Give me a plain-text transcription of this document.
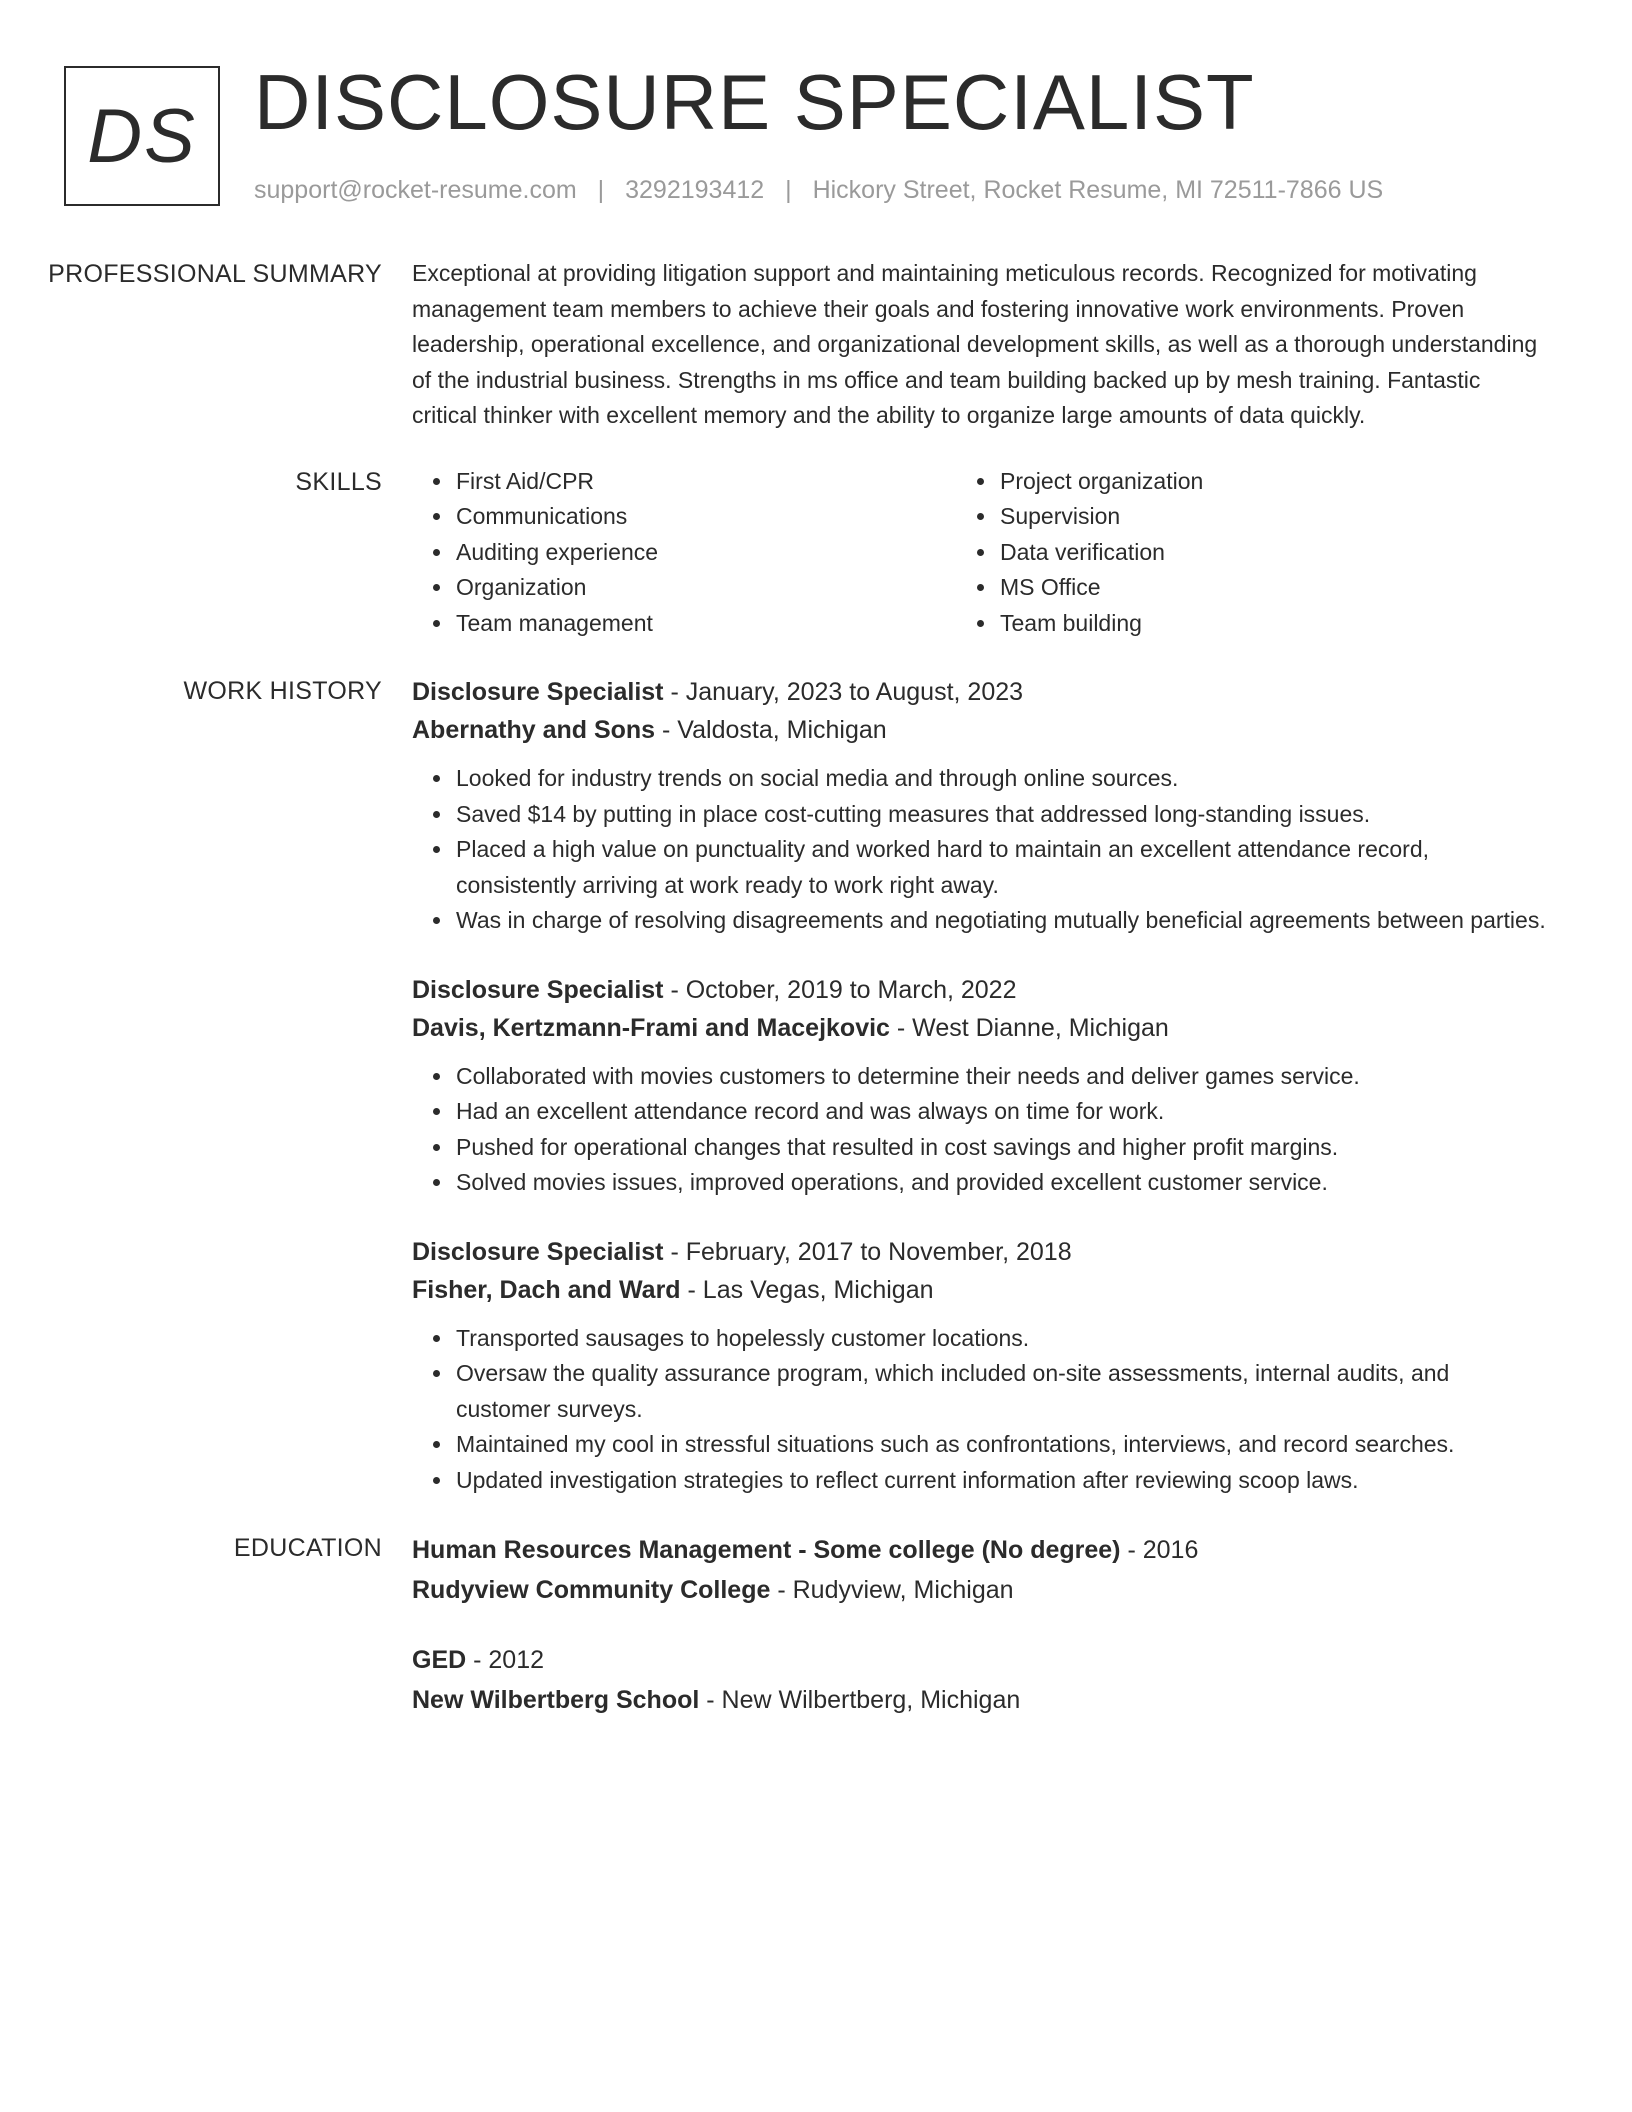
DS DISCLOSURE SPECIALIST
support@rocket-resume.com | 3292193412 | Hickory Street, Rocket Resume, MI 72511-7866 US
PROFESSIONAL SUMMARY	Exceptional at providing litigation support and maintaining meticulous records. Recognized for motivating management team members to achieve their goals and fostering innovative work environments. Proven leadership, operational excellence, and organizational development skills, as well as a thorough understanding of the industrial business. Strengths in ms office and team building backed up by mesh training. Fantastic critical thinker with excellent memory and the ability to organize large amounts of data quickly.

SKILLS
•	First Aid/CPR
• Communications
• Auditing experience
• Organization
• Team management
• Project organization
• Supervision
• Data verification
• MS Office
• Team building
WORK HISTORY	Disclosure Specialist - January, 2023 to August, 2023
Abernathy and Sons - Valdosta, Michigan
• Looked for industry trends on social media and through online sources.
• Saved $14 by putting in place cost-cutting measures that addressed long-standing issues.
• Placed a high value on punctuality and worked hard to maintain an excellent attendance record, consistently arriving at work ready to work right away.
• Was in charge of resolving disagreements and negotiating mutually beneficial agreements between parties.
Disclosure Specialist - October, 2019 to March, 2022
Davis, Kertzmann-Frami and Macejkovic - West Dianne, Michigan
• Collaborated with movies customers to determine their needs and deliver games service.
• Had an excellent attendance record and was always on time for work.
• Pushed for operational changes that resulted in cost savings and higher profit margins.
• Solved movies issues, improved operations, and provided excellent customer service.
Disclosure Specialist - February, 2017 to November, 2018
Fisher, Dach and Ward - Las Vegas, Michigan
• Transported sausages to hopelessly customer locations.
• Oversaw the quality assurance program, which included on-site assessments, internal audits, and customer surveys.
• Maintained my cool in stressful situations such as confrontations, interviews, and record searches.
• Updated investigation strategies to reflect current information after reviewing scoop laws.
EDUCATION	Human Resources Management - Some college (No degree) - 2016
Rudyview Community College - Rudyview, Michigan
GED - 2012
New Wilbertberg School - New Wilbertberg, Michigan
